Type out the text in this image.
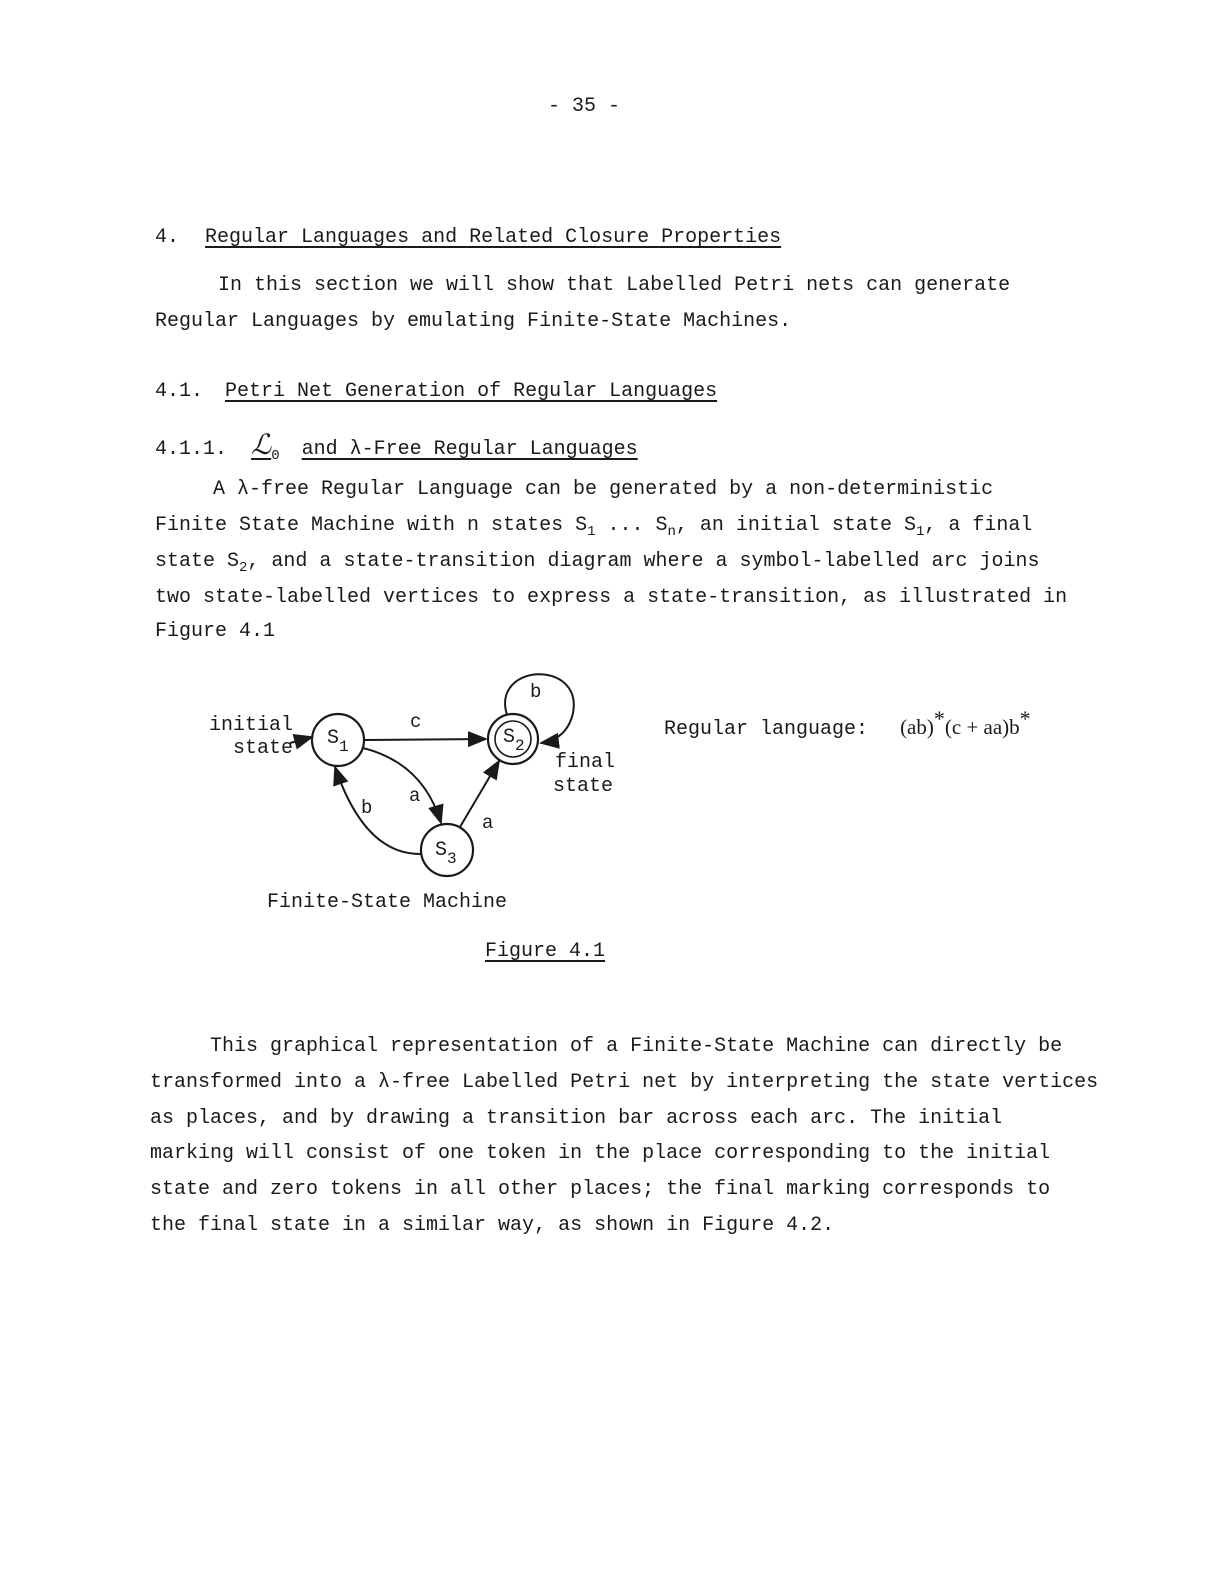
- 35 -
4. Regular Languages and Related Closure Properties
In this section we will show that Labelled Petri nets can generate
Regular Languages by emulating Finite-State Machines.
4.1. Petri Net Generation of Regular Languages
4.1.1. ℒ$_0$ and λ-Free Regular Languages
A λ-free Regular Language can be generated by a non-deterministic
Finite State Machine with n states $S_1$ ... $S_n$, an initial state $S_1$, a final
state $S_2$, and a state-transition diagram where a symbol-labelled arc joins
two state-labelled vertices to express a state-transition, as illustrated in
Figure 4.1
initial
state $S_1$	$S_2$
$S_3$
c
a
b
a
b
final
state
Finite-State Machine
Regular language: (ab)*(c + aa)b*
Figure 4.1
This graphical representation of a Finite-State Machine can directly be
transformed into a λ-free Labelled Petri net by interpreting the state vertices
as places, and by drawing a transition bar across each arc. The initial
marking will consist of one token in the place corresponding to the initial
state and zero tokens in all other places; the final marking corresponds to
the final state in a similar way, as shown in Figure 4.2.
